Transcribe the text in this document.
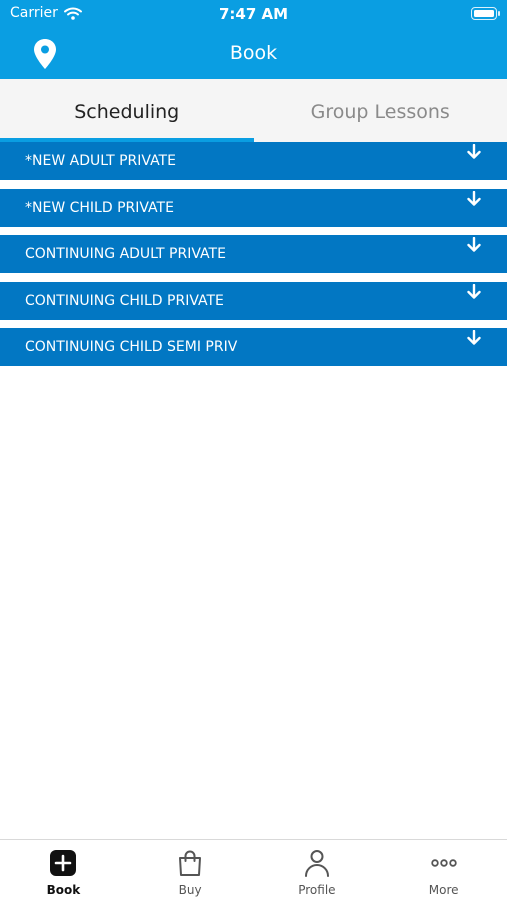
Carrier	7:47 AM
Book
Scheduling	Group Lessons
*NEW ADULT PRIVATE
*NEW CHILD PRIVATE
CONTINUING ADULT PRIVATE
CONTINUING CHILD PRIVATE
CONTINUING CHILD SEMI PRIV
Book	Buy	Profile	More
